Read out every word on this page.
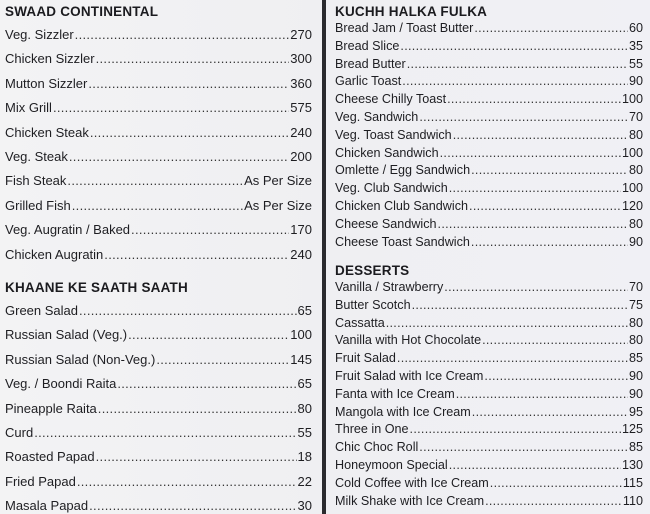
SWAAD CONTINENTAL
Veg. Sizzler .....	270
Chicken Sizzler .....	300
Mutton Sizzler .....	360
Mix Grill .....	575
Chicken Steak .....	240
Veg. Steak .....	200
Fish Steak .....	As Per Size
Grilled Fish .....	As Per Size
Veg. Augratin / Baked .....	170
Chicken Augratin .....	240
KHAANE KE SAATH SAATH
Green Salad .....	65
Russian Salad (Veg.) .....	100
Russian Salad (Non-Veg.) .....	145
Veg. / Boondi Raita .....	65
Pineapple Raita .....	80
Curd .....	55
Roasted Papad .....	18
Fried Papad .....	22
Masala Papad .....	30
KUCHH HALKA FULKA
Bread Jam / Toast Butter .....	60
Bread Slice .....	35
Bread Butter .....	55
Garlic Toast .....	90
Cheese Chilly Toast .....	100
Veg. Sandwich .....	70
Veg. Toast Sandwich .....	80
Chicken Sandwich .....	100
Omlette / Egg Sandwich .....	80
Veg. Club Sandwich .....	100
Chicken Club Sandwich .....	120
Cheese Sandwich .....	80
Cheese Toast Sandwich .....	90
DESSERTS
Vanilla / Strawberry .....	70
Butter Scotch .....	75
Cassatta .....	80
Vanilla with Hot Chocolate .....	80
Fruit Salad .....	85
Fruit Salad with Ice Cream .....	90
Fanta with Ice Cream .....	90
Mangola with Ice Cream .....	95
Three in One .....	125
Chic Choc Roll .....	85
Honeymoon Special .....	130
Cold Coffee with Ice Cream .....	115
Milk Shake with Ice Cream .....	110
